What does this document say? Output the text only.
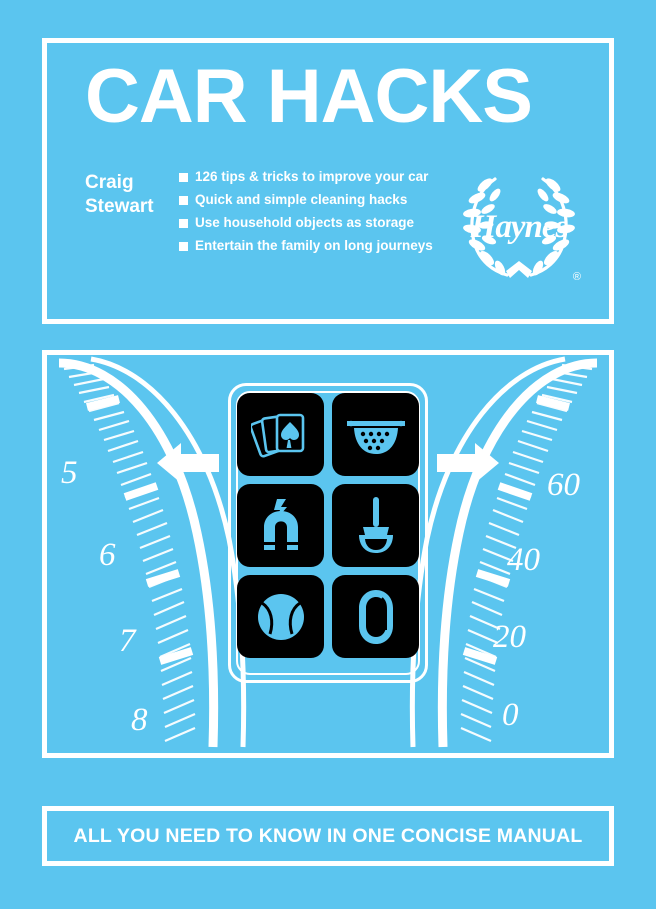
CAR HACKS
Craig
Stewart
126 tips & tricks to improve your car
Quick and simple cleaning hacks
Use household objects as storage
Entertain the family on long journeys
Haynes
®
5
6
7
8
60
40
20
0
ALL YOU NEED TO KNOW IN ONE CONCISE MANUAL
